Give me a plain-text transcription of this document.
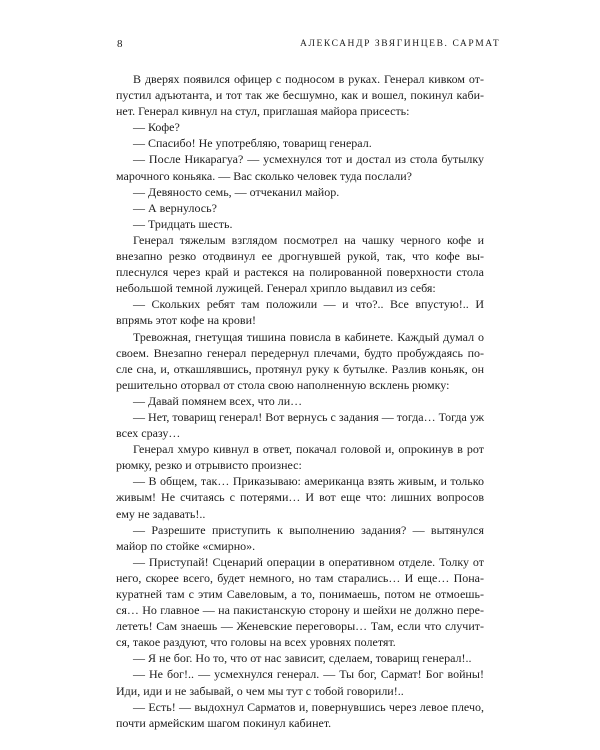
8	АЛЕКСАНДР ЗВЯГИНЦЕВ. САРМАТ

В дверях появился офицер с подносом в руках. Генерал кивком отпустил адъютанта, и тот так же бесшумно, как и вошел, покинул кабинет. Генерал кивнул на стул, приглашая майора присесть:

— Кофе?

— Спасибо! Не употребляю, товарищ генерал.

— После Никарагуа? — усмехнулся тот и достал из стола бутылку марочного коньяка. — Вас сколько человек туда послали?

— Девяносто семь, — отчеканил майор.

— А вернулось?

— Тридцать шесть.

Генерал тяжелым взглядом посмотрел на чашку черного кофе и внезапно резко отодвинул ее дрогнувшей рукой, так, что кофе выплеснулся через край и растекся на полированной поверхности стола небольшой темной лужицей. Генерал хрипло выдавил из себя:

— Скольких ребят там положили — и что?.. Все впустую!.. И впрямь этот кофе на крови!

Тревожная, гнетущая тишина повисла в кабинете. Каждый думал о своем. Внезапно генерал передернул плечами, будто пробуждаясь после сна, и, откашлявшись, протянул руку к бутылке. Разлив коньяк, он решительно оторвал от стола свою наполненную всклень рюмку:

— Давай помянем всех, что ли…

— Нет, товарищ генерал! Вот вернусь с задания — тогда… Тогда уж всех сразу…

Генерал хмуро кивнул в ответ, покачал головой и, опрокинув в рот рюмку, резко и отрывисто произнес:

— В общем, так… Приказываю: американца взять живым, и только живым! Не считаясь с потерями… И вот еще что: лишних вопросов ему не задавать!..

— Разрешите приступить к выполнению задания? — вытянулся майор по стойке «смирно».

— Приступай! Сценарий операции в оперативном отделе. Толку от него, скорее всего, будет немного, но там старались… И еще… Понакуратней там с этим Савеловым, а то, понимаешь, потом не отмоешься… Но главное — на пакистанскую сторону и шейхи не должно перелететь! Сам знаешь — Женевские переговоры… Там, если что случится, такое раздуют, что головы на всех уровнях полетят.

— Я не бог. Но то, что от нас зависит, сделаем, товарищ генерал!..

— Не бог!.. — усмехнулся генерал. — Ты бог, Сармат! Бог войны! Иди, иди и не забывай, о чем мы тут с тобой говорили!..

— Есть! — выдохнул Сарматов и, повернувшись через левое плечо, почти армейским шагом покинул кабинет.
